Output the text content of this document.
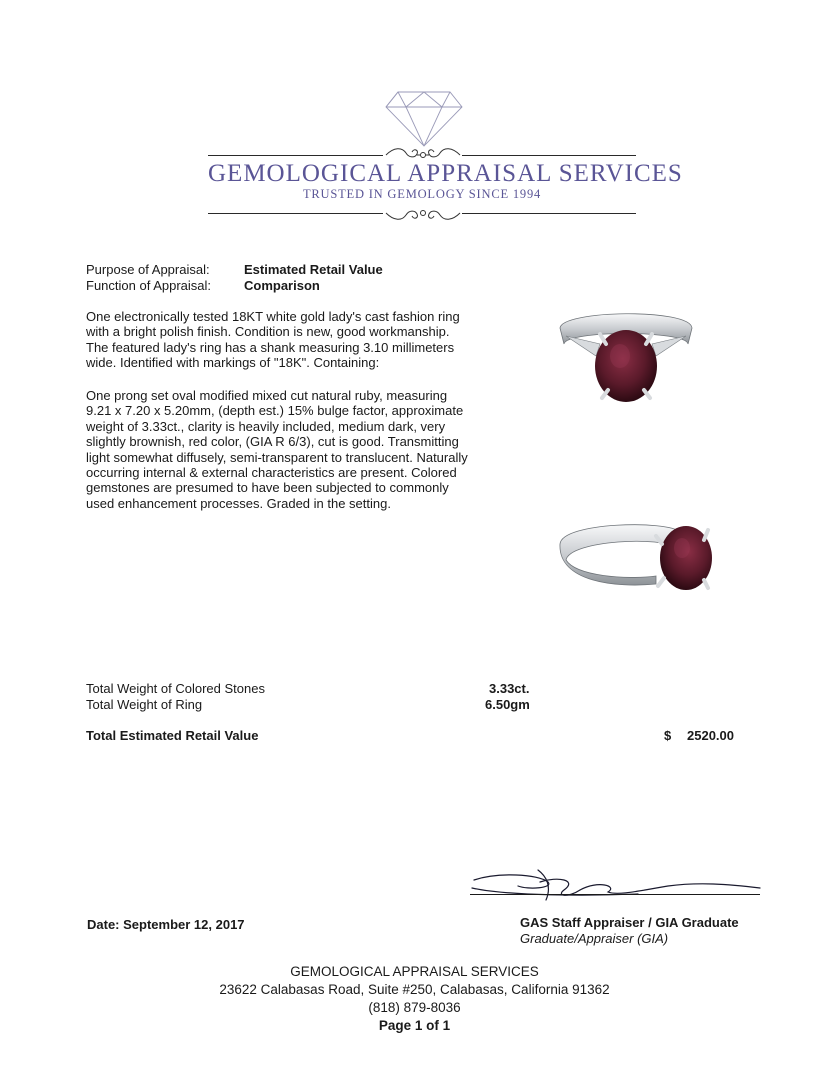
GEMOLOGICAL APPRAISAL SERVICES
TRUSTED IN GEMOLOGY SINCE 1994
Purpose of Appraisal:	Estimated Retail Value
Function of Appraisal:	Comparison
One electronically tested 18KT white gold lady's cast fashion ring
with a bright polish finish. Condition is new, good workmanship.
The featured lady's ring has a shank measuring 3.10 millimeters
wide. Identified with markings of "18K". Containing:
One prong set oval modified mixed cut natural ruby, measuring
9.21 x 7.20 x 5.20mm, (depth est.) 15% bulge factor, approximate
weight of 3.33ct., clarity is heavily included, medium dark, very
slightly brownish, red color, (GIA R 6/3), cut is good. Transmitting
light somewhat diffusely, semi-transparent to translucent. Naturally
occurring internal & external characteristics are present. Colored
gemstones are presumed to have been subjected to commonly
used enhancement processes. Graded in the setting.
Total Weight of Colored Stones	3.33ct.
Total Weight of Ring	6.50gm
Total Estimated Retail Value	$ 2520.00
Date: September 12, 2017	GAS Staff Appraiser / GIA Graduate
Graduate/Appraiser (GIA)
GEMOLOGICAL APPRAISAL SERVICES
23622 Calabasas Road, Suite #250, Calabasas, California 91362
(818) 879-8036
Page 1 of 1
